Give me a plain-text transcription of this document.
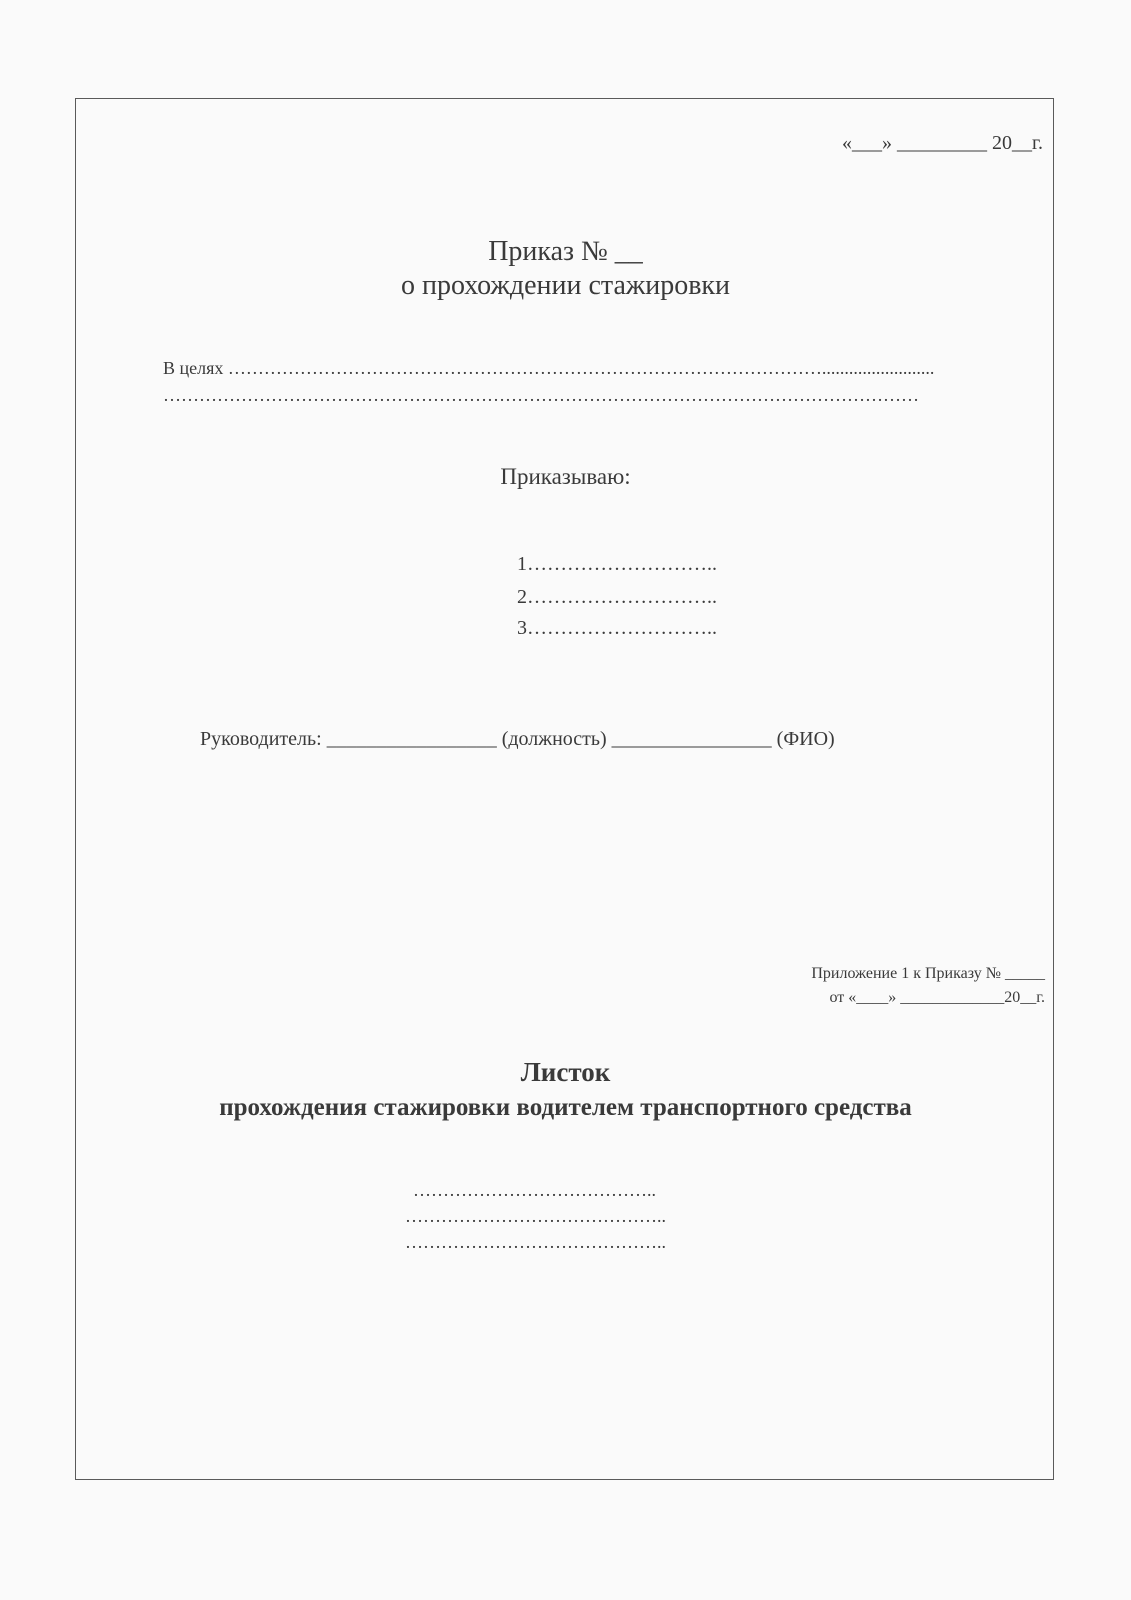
«___» _________ 20__г.
Приказ № __
о прохождении стажировки
В целях ……………………………………………………………………………………….........................
………………………………………………………………………………………………………………
Приказываю:
1………………………..
2………………………..
3………………………..
Руководитель: _________________ (должность) ________________ (ФИО)
Приложение 1 к Приказу № _____
от «____» _____________20__г.
Листок
прохождения стажировки водителем транспортного средства
…………………………………..
……………………………………..
……………………………………..
